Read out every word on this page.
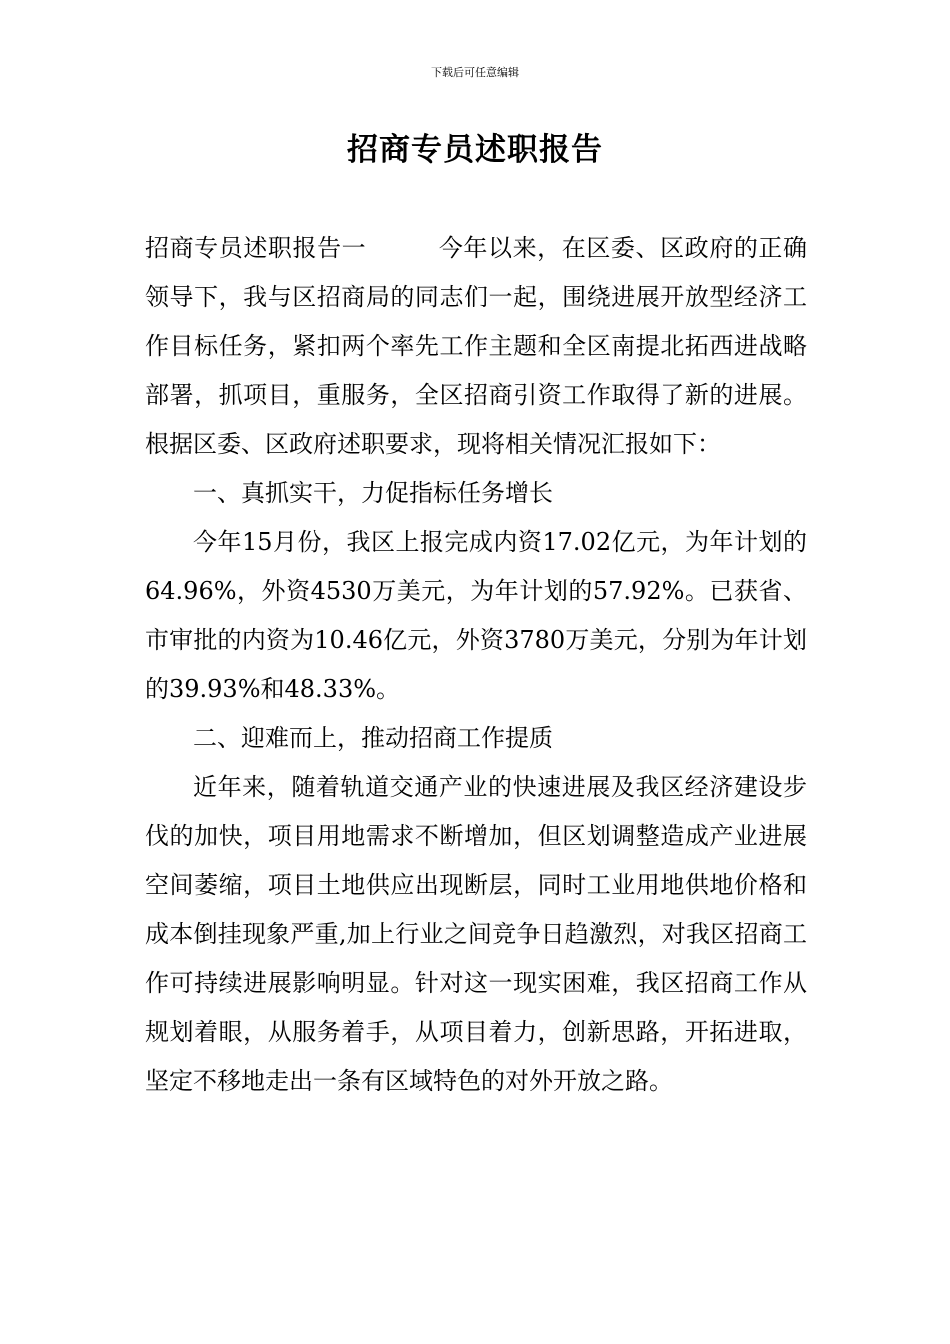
下载后可任意编辑
招商专员述职报告

招商专员述职报告一	今年以来，在区委、区政府的正确领导下，我与区招商局的同志们一起，围绕进展开放型经济工作目标任务，紧扣两个率先工作主题和全区南提北拓西进战略部署，抓项目，重服务，全区招商引资工作取得了新的进展。根据区委、区政府述职要求，现将相关情况汇报如下：

一、真抓实干，力促指标任务增长

今年15月份，我区上报完成内资17.02亿元，为年计划的64.96%，外资4530万美元，为年计划的57.92%。已获省、市审批的内资为10.46亿元，外资3780万美元，分别为年计划的39.93%和48.33%。

二、迎难而上，推动招商工作提质

近年来，随着轨道交通产业的快速进展及我区经济建设步伐的加快，项目用地需求不断增加，但区划调整造成产业进展空间萎缩，项目土地供应出现断层，同时工业用地供地价格和成本倒挂现象严重,加上行业之间竞争日趋激烈，对我区招商工作可持续进展影响明显。针对这一现实困难，我区招商工作从规划着眼，从服务着手，从项目着力，创新思路，开拓进取，坚定不移地走出一条有区域特色的对外开放之路。
